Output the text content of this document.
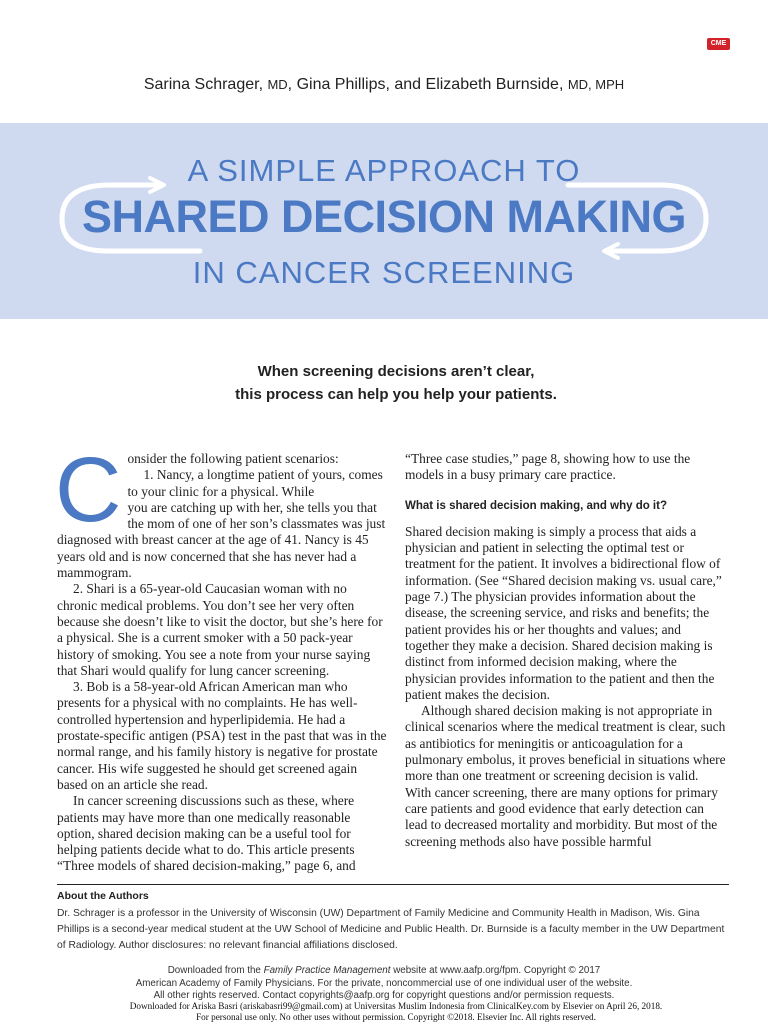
CME
Sarina Schrager, MD, Gina Phillips, and Elizabeth Burnside, MD, MPH
A SIMPLE APPROACH TO
SHARED DECISION MAKING
IN CANCER SCREENING
When screening decisions aren’t clear,
this process can help you help your patients.
C onsider the following patient scenarios:

1. Nancy, a longtime patient of yours, comes to your clinic for a physical. While

you are catching up with her, she tells you that the mom of one of her son’s classmates was just diagnosed with breast cancer at the age of 41. Nancy is 45 years old and is now concerned that she has never had a mammogram.

2. Shari is a 65-year-old Caucasian woman with no chronic medical problems. You don’t see her very often because she doesn’t like to visit the doctor, but she’s here for a physical. She is a current smoker with a 50 pack-year history of smoking. You see a note from your nurse saying that Shari would qualify for lung cancer screening.

3. Bob is a 58-year-old African American man who presents for a physical with no complaints. He has well-controlled hypertension and hyperlipidemia. He had a prostate-specific antigen (PSA) test in the past that was in the normal range, and his family history is negative for prostate cancer. His wife suggested he should get screened again based on an article she read.

In cancer screening discussions such as these, where patients may have more than one medically reasonable option, shared decision making can be a useful tool for helping patients decide what to do. This article presents “Three models of shared decision-making,” page 6, and

“Three case studies,” page 8, showing how to use the models in a busy primary care practice.

What is shared decision making, and why do it?

Shared decision making is simply a process that aids a physician and patient in selecting the optimal test or treatment for the patient. It involves a bidirectional flow of information. (See “Shared decision making vs. usual care,” page 7.) The physician provides information about the disease, the screening service, and risks and benefits; the patient provides his or her thoughts and values; and together they make a decision. Shared decision making is distinct from informed decision making, where the physician provides information to the patient and then the patient makes the decision.

Although shared decision making is not appropriate in clinical scenarios where the medical treatment is clear, such as antibiotics for meningitis or anticoagulation for a pulmonary embolus, it proves beneficial in situations where more than one treatment or screening decision is valid. With cancer screening, there are many options for primary care patients and good evidence that early detection can lead to decreased mortality and morbidity. But most of the screening methods also have possible harmful

About the Authors
Dr. Schrager is a professor in the University of Wisconsin (UW) Department of Family Medicine and Community Health in Madison, Wis. Gina Phillips is a second-year medical student at the UW School of Medicine and Public Health. Dr. Burnside is a faculty member in the UW Department of Radiology. Author disclosures: no relevant financial affiliations disclosed.
Downloaded from the Family Practice Management website at www.aafp.org/fpm. Copyright © 2017
American Academy of Family Physicians. For the private, noncommercial use of one individual user of the website.
All other rights reserved. Contact copyrights@aafp.org for copyright questions and/or permission requests.
Downloaded for Ariska Basri (ariskabasri99@gmail.com) at Universitas Muslim Indonesia from ClinicalKey.com by Elsevier on April 26, 2018.
For personal use only. No other uses without permission. Copyright ©2018. Elsevier Inc. All rights reserved.
